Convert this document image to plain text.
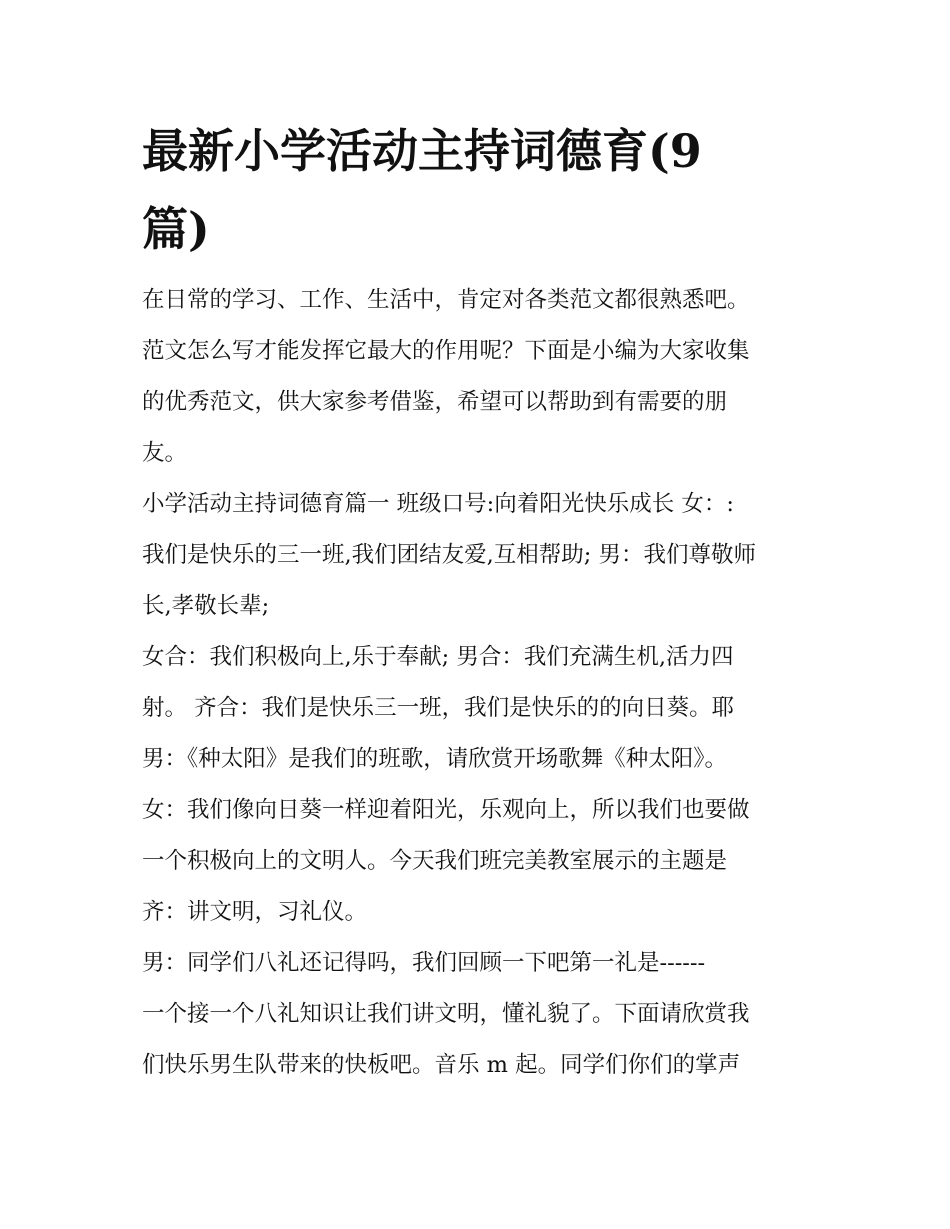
最新小学活动主持词德育(9
篇)
在日常的学习、工作、生活中，肯定对各类范文都很熟悉吧。
范文怎么写才能发挥它最大的作用呢？下面是小编为大家收集
的优秀范文，供大家参考借鉴，希望可以帮助到有需要的朋
友。
小学活动主持词德育篇一 班级口号:向着阳光快乐成长 女：:
我们是快乐的三一班,我们团结友爱,互相帮助; 男：我们尊敬师
长,孝敬长辈;
女合：我们积极向上,乐于奉献; 男合：我们充满生机,活力四
射。 齐合：我们是快乐三一班，我们是快乐的的向日葵。耶
男：《种太阳》是我们的班歌，请欣赏开场歌舞《种太阳》。
女：我们像向日葵一样迎着阳光，乐观向上，所以我们也要做
一个积极向上的文明人。今天我们班完美教室展示的主题是
齐：讲文明，习礼仪。
男：同学们八礼还记得吗，我们回顾一下吧第一礼是------
一个接一个八礼知识让我们讲文明，懂礼貌了。下面请欣赏我
们快乐男生队带来的快板吧。音乐 m 起。同学们你们的掌声
